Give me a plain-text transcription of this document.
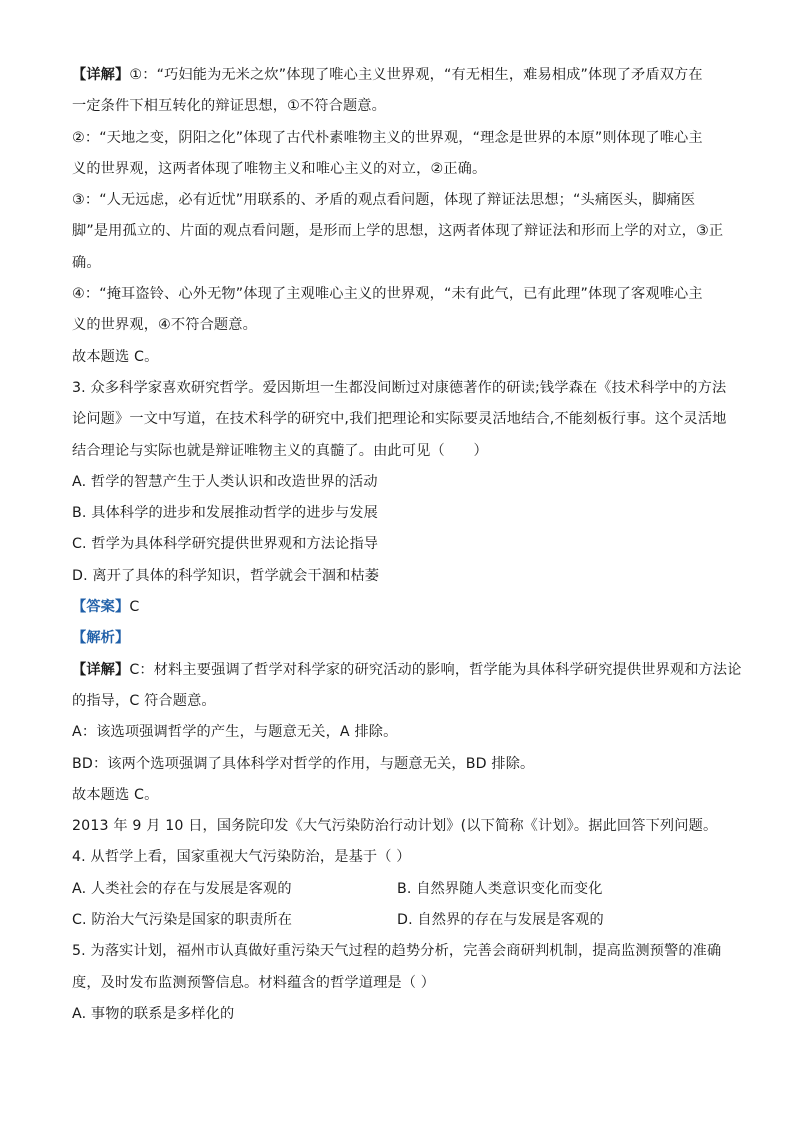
【详解】①：“巧妇能为无米之炊”体现了唯心主义世界观，“有无相生，难易相成”体现了矛盾双方在
一定条件下相互转化的辩证思想，①不符合题意。
②：“天地之变，阴阳之化”体现了古代朴素唯物主义的世界观，“理念是世界的本原”则体现了唯心主
义的世界观，这两者体现了唯物主义和唯心主义的对立，②正确。
③：“人无远虑，必有近忧”用联系的、矛盾的观点看问题，体现了辩证法思想；“头痛医头，脚痛医
脚”是用孤立的、片面的观点看问题，是形而上学的思想，这两者体现了辩证法和形而上学的对立，③正
确。
④：“掩耳盗铃、心外无物”体现了主观唯心主义的世界观，“未有此气，已有此理”体现了客观唯心主
义的世界观，④不符合题意。
故本题选 C。
3. 众多科学家喜欢研究哲学。爱因斯坦一生都没间断过对康德著作的研读;钱学森在《技术科学中的方法
论问题》一文中写道，在技术科学的研究中,我们把理论和实际要灵活地结合,不能刻板行事。这个灵活地
结合理论与实际也就是辩证唯物主义的真髓了。由此可见（　　）
A. 哲学的智慧产生于人类认识和改造世界的活动
B. 具体科学的进步和发展推动哲学的进步与发展
C. 哲学为具体科学研究提供世界观和方法论指导
D. 离开了具体的科学知识，哲学就会干涸和枯萎
【答案】C
【解析】
【详解】C：材料主要强调了哲学对科学家的研究活动的影响，哲学能为具体科学研究提供世界观和方法论
的指导，C 符合题意。
A：该选项强调哲学的产生，与题意无关，A 排除。
BD：该两个选项强调了具体科学对哲学的作用，与题意无关，BD 排除。
故本题选 C。
2013 年 9 月 10 日，国务院印发《大气污染防治行动计划》(以下简称《计划》。据此回答下列问题。
4. 从哲学上看，国家重视大气污染防治，是基于（ ）
A. 人类社会的存在与发展是客观的	B. 自然界随人类意识变化而变化
C. 防治大气污染是国家的职责所在	D. 自然界的存在与发展是客观的
5. 为落实计划，福州市认真做好重污染天气过程的趋势分析，完善会商研判机制，提高监测预警的准确
度，及时发布监测预警信息。材料蕴含的哲学道理是（ ）
A. 事物的联系是多样化的
